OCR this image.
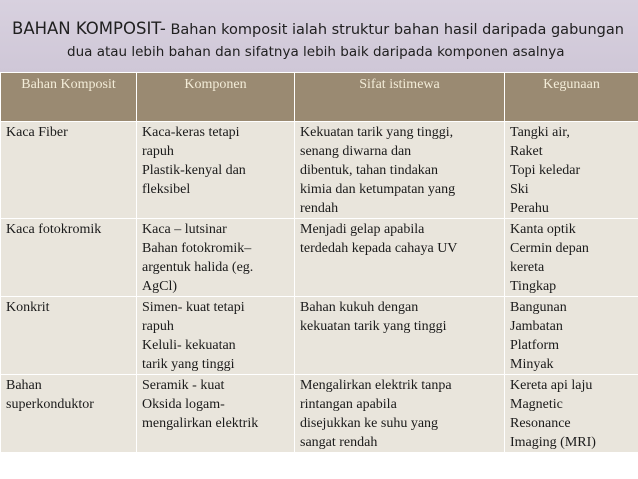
BAHAN KOMPOSIT- Bahan komposit ialah struktur bahan hasil daripada gabungan
dua atau lebih bahan dan sifatnya lebih baik daripada komponen asalnya
Bahan Komposit	Komponen	Sifat istimewa	Kegunaan

Kaca Fiber	Kaca-keras tetapi
rapuh
Plastik-kenyal dan
fleksibel	Kekuatan tarik yang tinggi,
senang diwarna dan
dibentuk, tahan tindakan
kimia dan ketumpatan yang
rendah	Tangki air,
Raket
Topi keledar
Ski
Perahu

Kaca fotokromik	Kaca – lutsinar
Bahan fotokromik–
argentuk halida (eg.
AgCl)	Menjadi gelap apabila
terdedah kepada cahaya UV	Kanta optik
Cermin depan
kereta
Tingkap

Konkrit	Simen- kuat tetapi
rapuh
Keluli- kekuatan
tarik yang tinggi	Bahan kukuh dengan
kekuatan tarik yang tinggi	Bangunan
Jambatan
Platform
Minyak

Bahan
superkonduktor	Seramik - kuat
Oksida logam-
mengalirkan elektrik	Mengalirkan elektrik tanpa
rintangan apabila
disejukkan ke suhu yang
sangat rendah	Kereta api laju
Magnetic
Resonance
Imaging (MRI)
